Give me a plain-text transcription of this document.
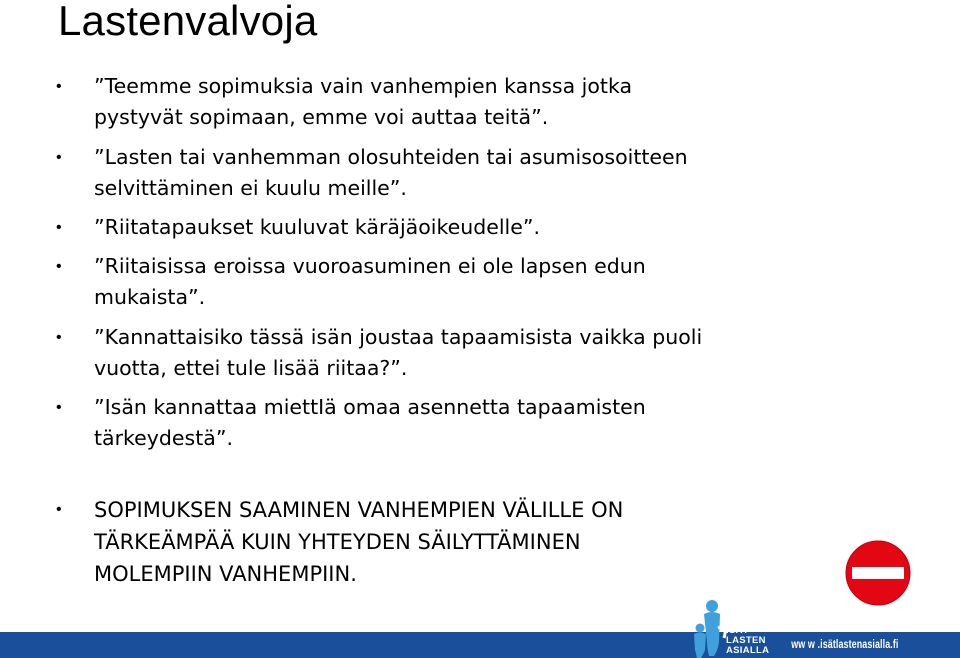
Lastenvalvoja
• ”Teemme sopimuksia vain vanhempien kanssa jotka
pystyvät sopimaan, emme voi auttaa teitä”.
• ”Lasten tai vanhemman olosuhteiden tai asumisosoitteen
selvittäminen ei kuulu meille”.
• ”Riitatapaukset kuuluvat käräjäoikeudelle”.
• ”Riitaisissa eroissa vuoroasuminen ei ole lapsen edun
mukaista”.
• ”Kannattaisiko tässä isän joustaa tapaamisista vaikka puoli
vuotta, ettei tule lisää riitaa?”.
• ”Isän kannattaa miettIä omaa asennetta tapaamisten
tärkeydestä”.
• SOPIMUKSEN SAAMINEN VANHEMPIEN VÄLILLE ON
TÄRKEÄMPÄÄ KUIN YHTEYDEN SÄILYTTÄMINEN
MOLEMPIIN VANHEMPIIN.
ISÄT
LASTEN
ASIALLA ww w .isätlastenasialla.fi
